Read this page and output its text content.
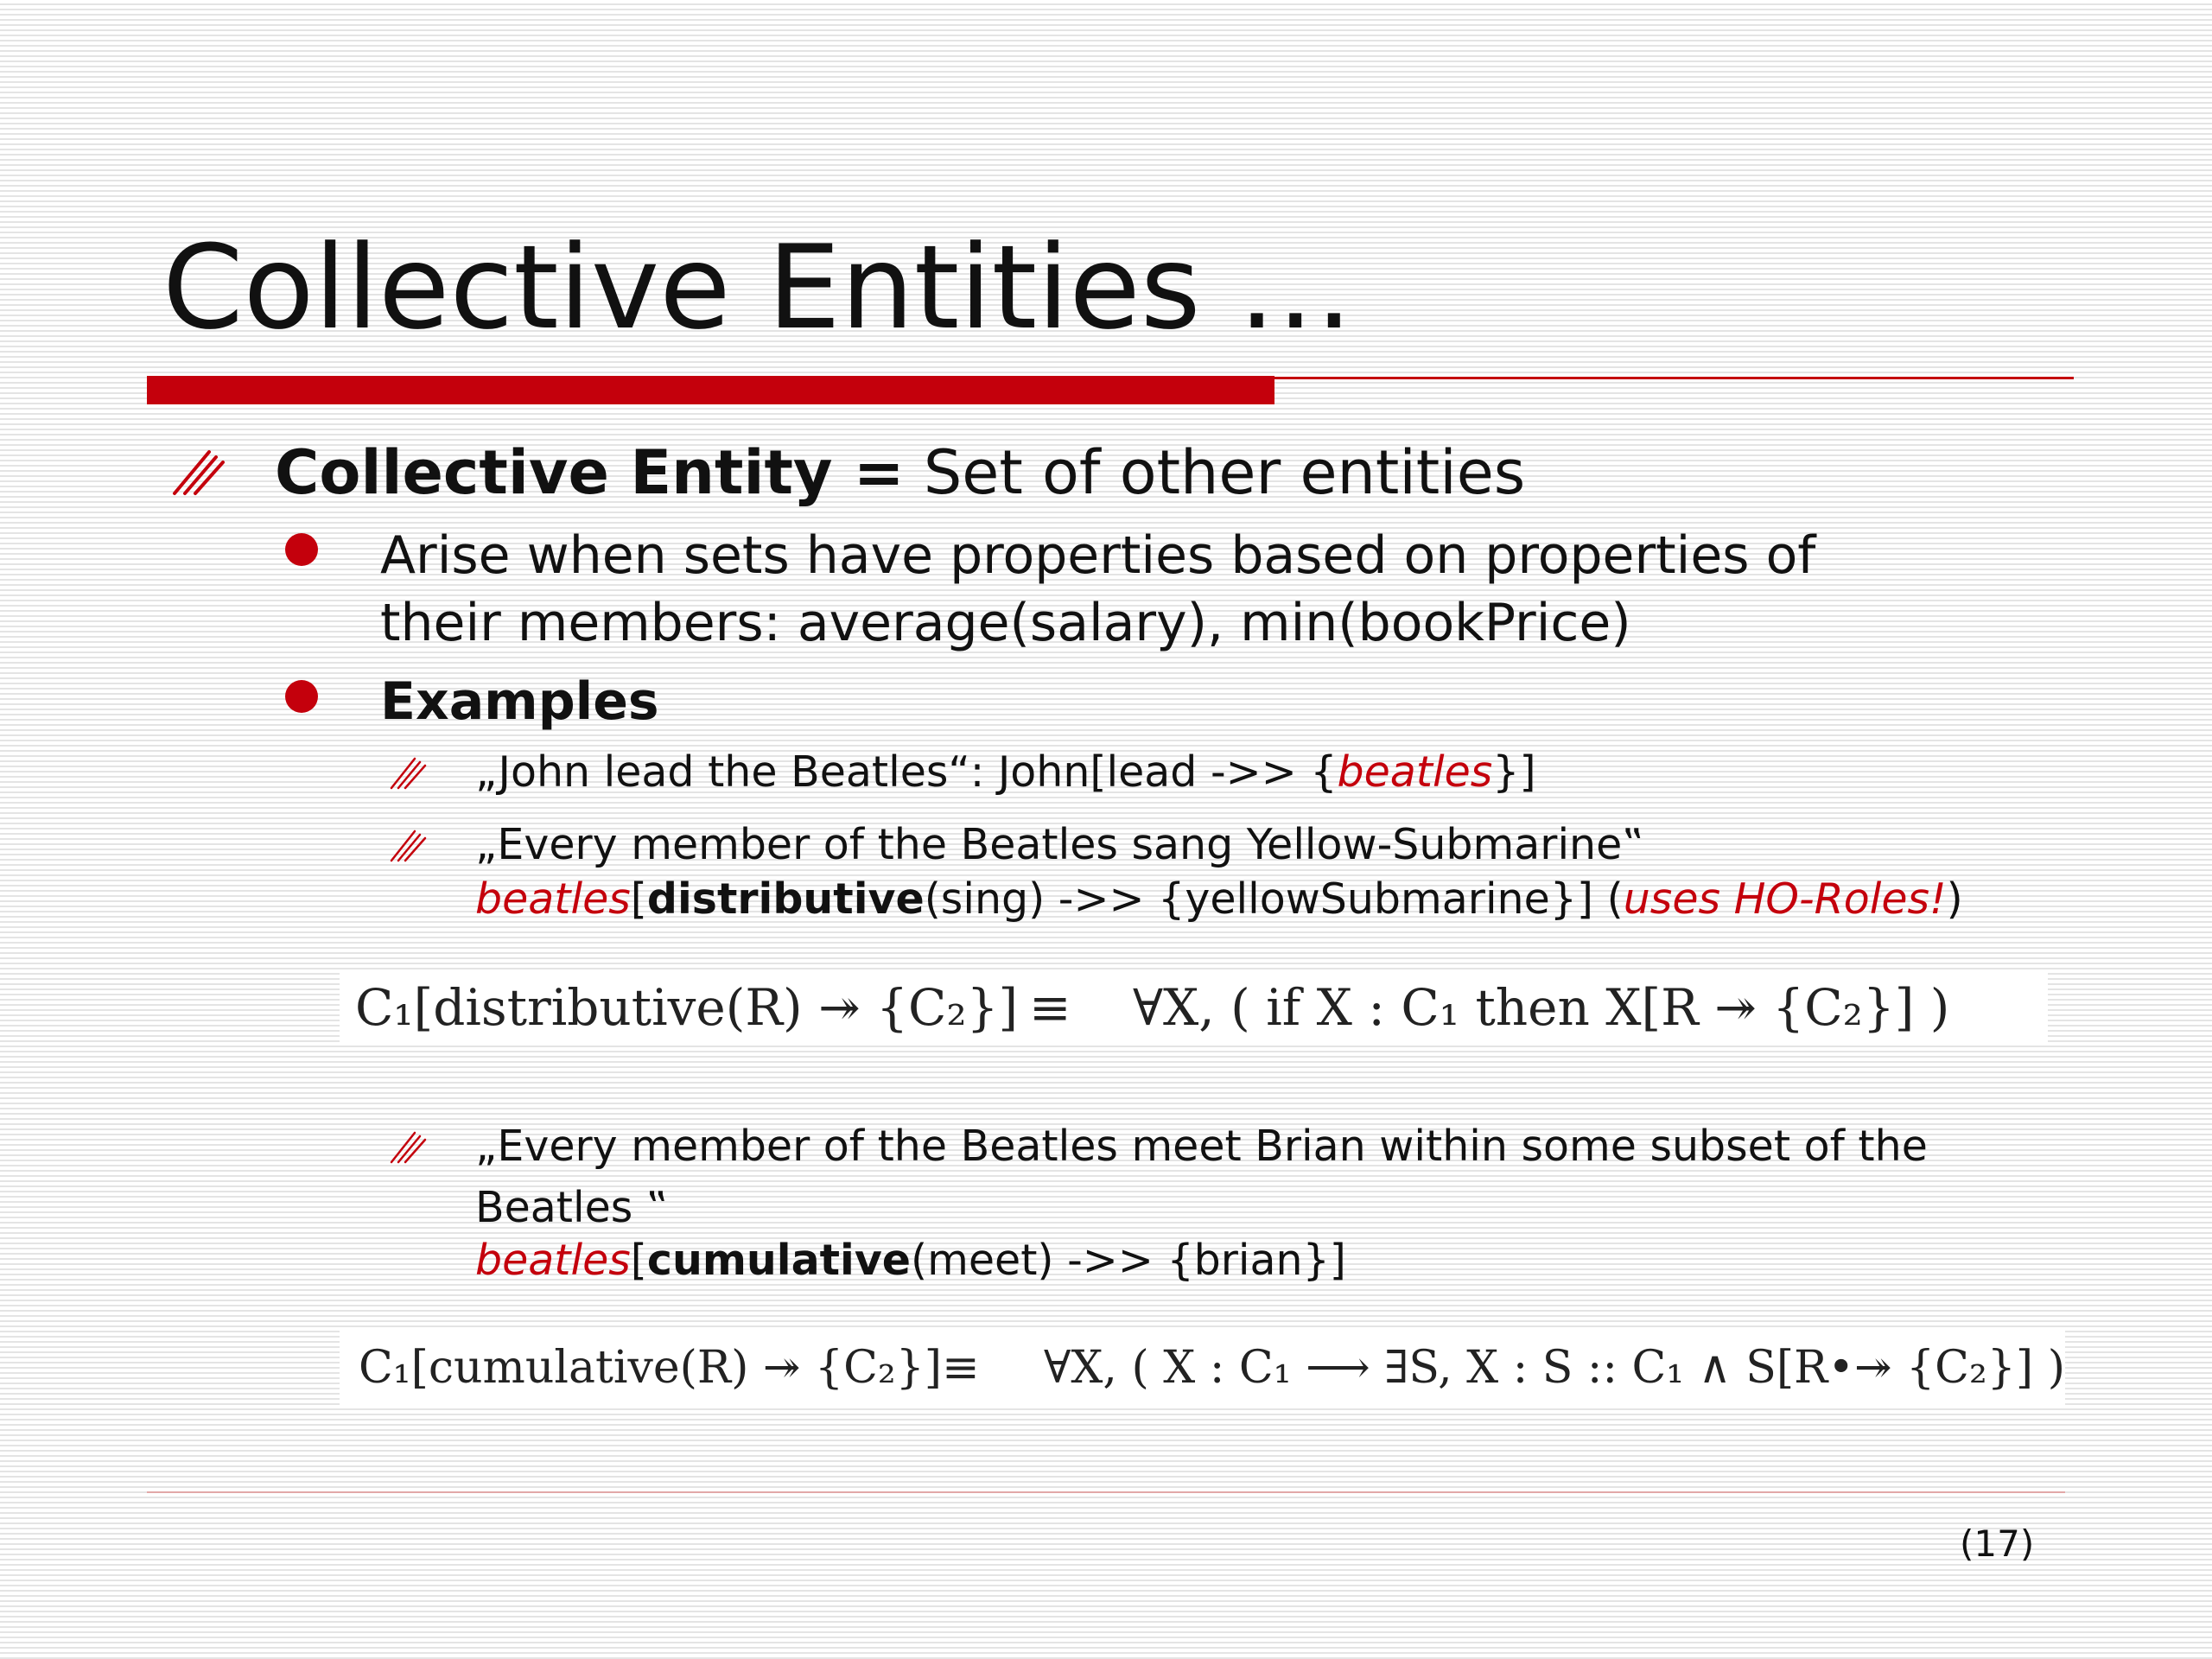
Collective Entities …
Collective Entity = Set of other entities
Arise when sets have properties based on properties of
their members: average(salary), min(bookPrice)
Examples
„John lead the Beatles“: John[lead ->> {beatles}]
„Every member of the Beatles sang Yellow-Submarine‟
beatles[distributive(sing) ->> {yellowSubmarine}] (uses HO-Roles!)
C₁[distributive(R) ↠ {C₂}] ≡	∀X, ( if X : C₁ then X[R ↠ {C₂}] )
„Every member of the Beatles meet Brian within some subset of the
Beatles ‟
beatles[cumulative(meet) ->> {brian}]
C₁[cumulative(R) ↠ {C₂}] ≡	∀X, ( X : C₁ ⟶ ∃S, X : S :: C₁ ∧ S[R•↠ {C₂}] )
(17)
